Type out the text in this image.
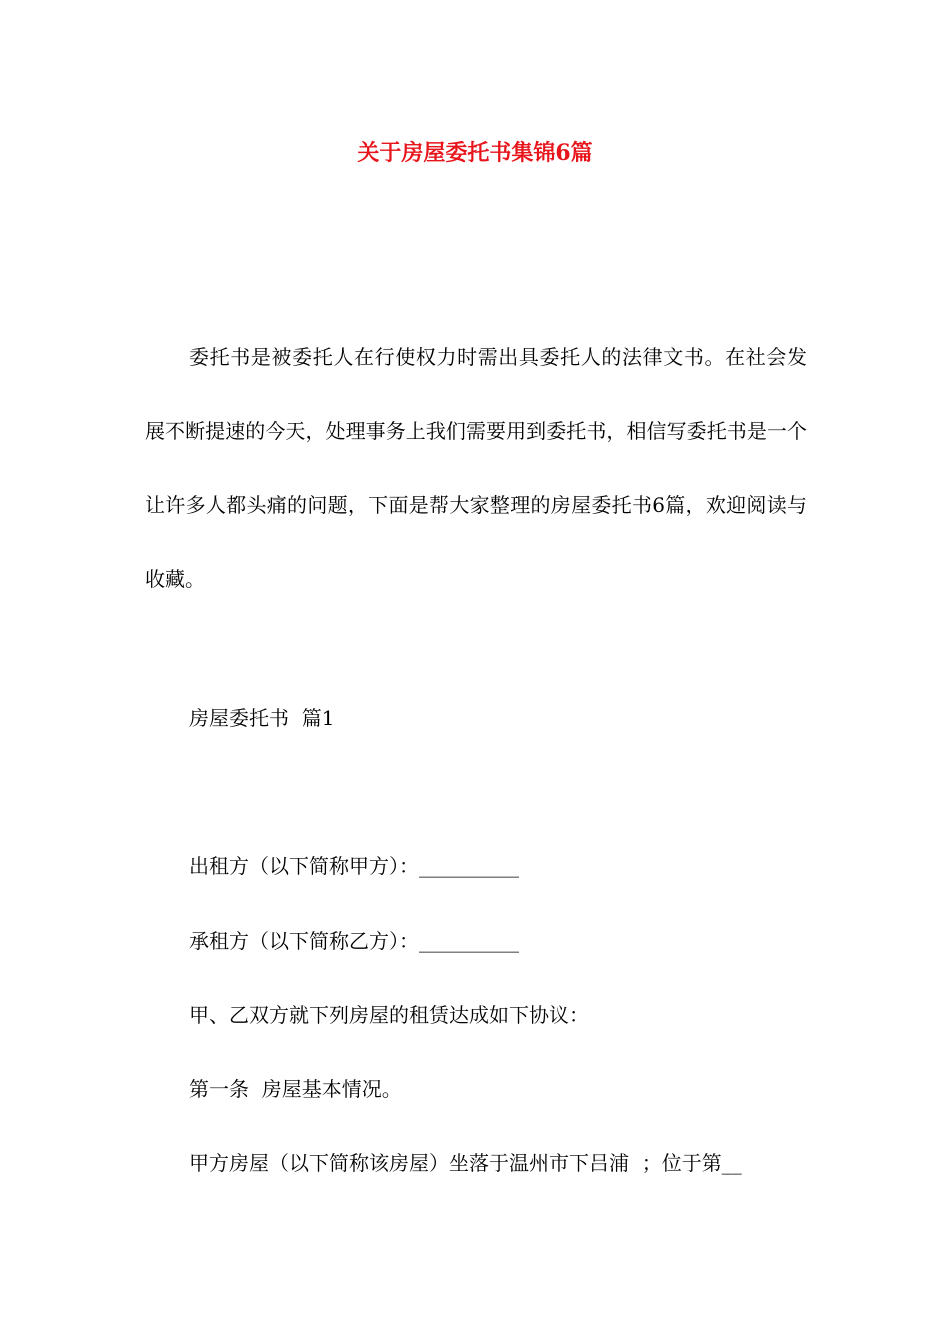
关于房屋委托书集锦6篇

委托书是被委托人在行使权力时需出具委托人的法律文书。在社会发展不断提速的今天，处理事务上我们需要用到委托书，相信写委托书是一个让许多人都头痛的问题，下面是帮大家整理的房屋委托书6篇，欢迎阅读与收藏。

房屋委托书  篇1

出租方（以下简称甲方）：__________

承租方（以下简称乙方）：__________

甲、乙双方就下列房屋的租赁达成如下协议：

第一条  房屋基本情况。

甲方房屋（以下简称该房屋）坐落于温州市下吕浦  ；位于第__
